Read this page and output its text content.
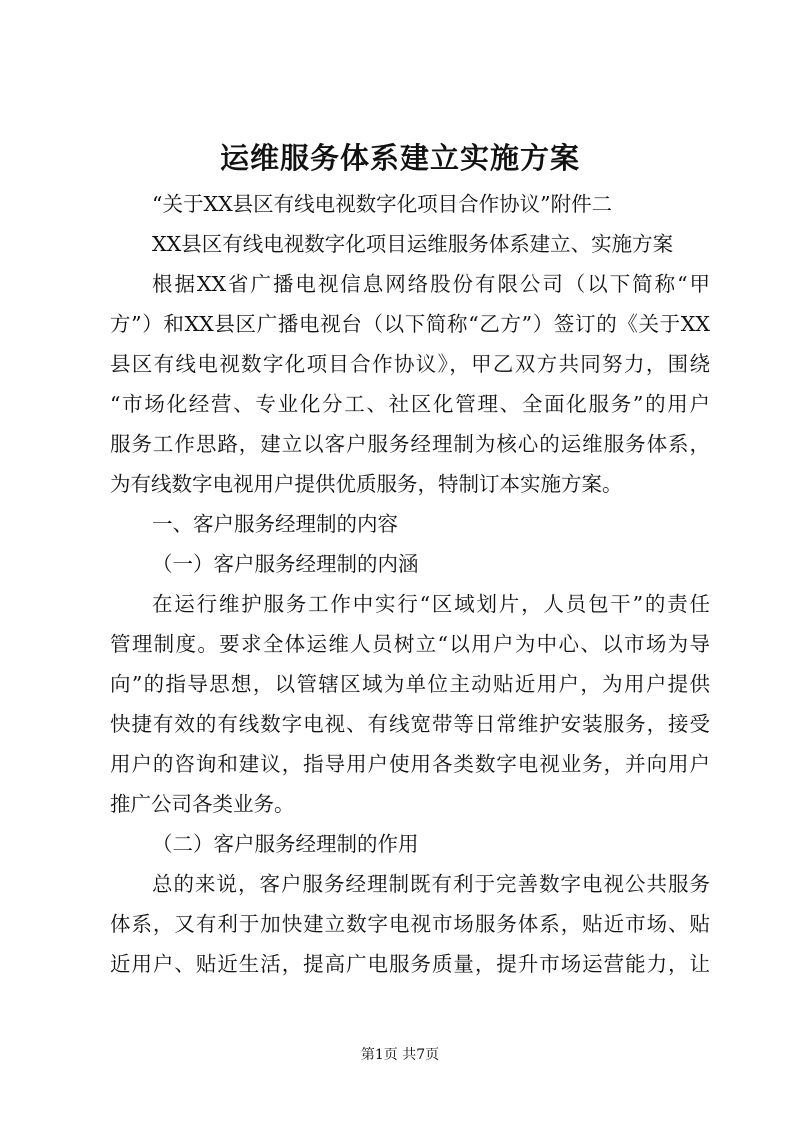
运维服务体系建立实施方案
“关于XX县区有线电视数字化项目合作协议”附件二
XX县区有线电视数字化项目运维服务体系建立、实施方案
根据XX省广播电视信息网络股份有限公司（以下简称“甲
方”）和XX县区广播电视台（以下简称“乙方”）签订的《关于XX
县区有线电视数字化项目合作协议》，甲乙双方共同努力，围绕
“市场化经营、专业化分工、社区化管理、全面化服务”的用户
服务工作思路，建立以客户服务经理制为核心的运维服务体系，
为有线数字电视用户提供优质服务，特制订本实施方案。
一、客户服务经理制的内容
（一）客户服务经理制的内涵
在运行维护服务工作中实行“区域划片，人员包干”的责任
管理制度。要求全体运维人员树立“以用户为中心、以市场为导
向”的指导思想，以管辖区域为单位主动贴近用户，为用户提供
快捷有效的有线数字电视、有线宽带等日常维护安装服务，接受
用户的咨询和建议，指导用户使用各类数字电视业务，并向用户
推广公司各类业务。
（二）客户服务经理制的作用
总的来说，客户服务经理制既有利于完善数字电视公共服务
体系，又有利于加快建立数字电视市场服务体系，贴近市场、贴
近用户、贴近生活，提高广电服务质量，提升市场运营能力，让
第1页 共7页
